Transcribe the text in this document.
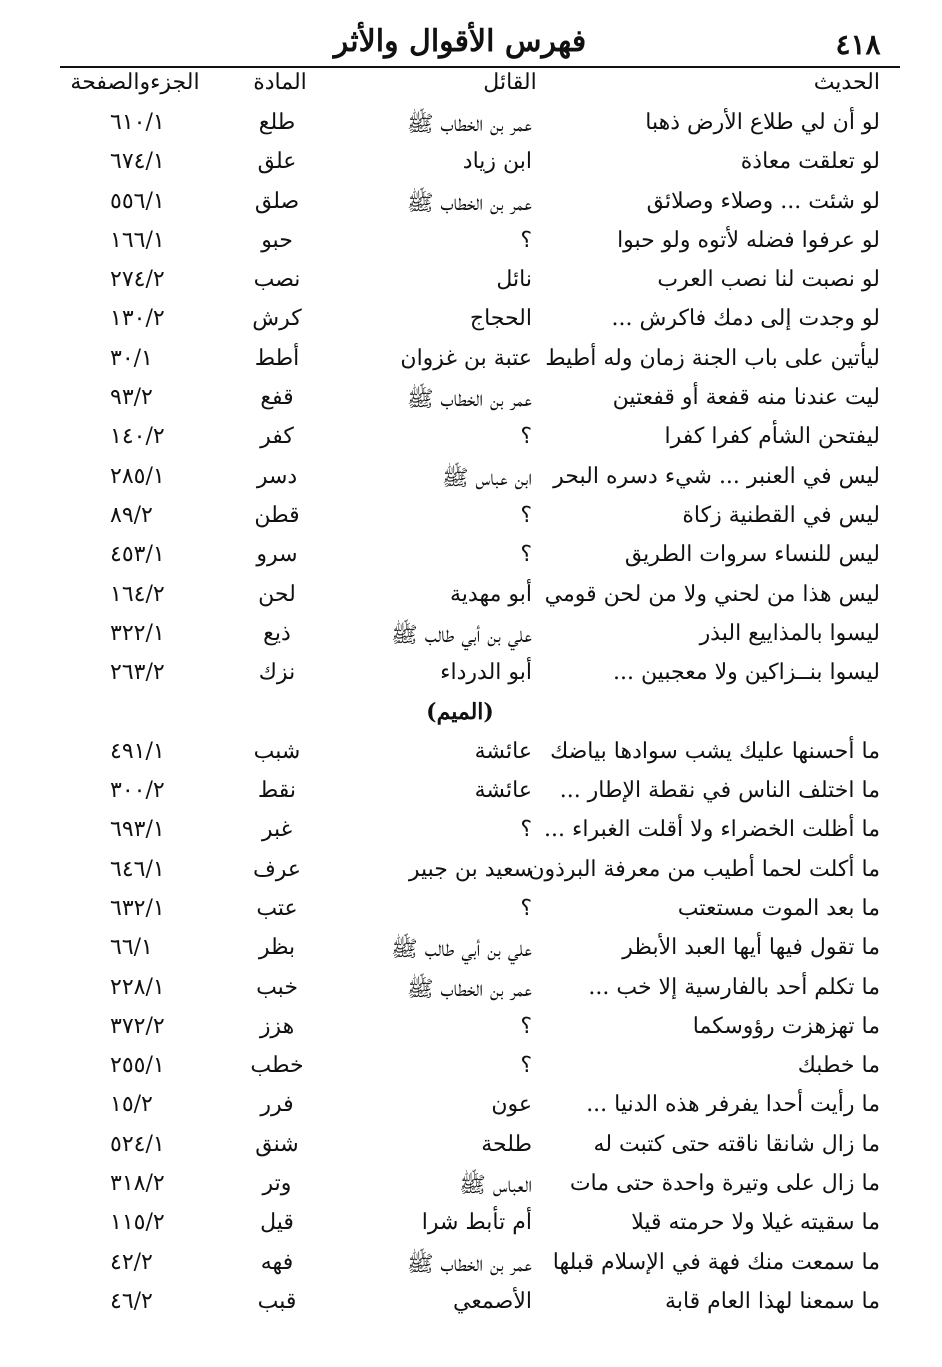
٤١٨
فهرس الأقوال والأثر
الحديث
القائل
المادة
الجزءوالصفحة
لو أن لي طلاع الأرض ذهبا
عمر بن الخطاب ﷺ
طلع
٦١٠/١
لو تعلقت معاذة
ابن زياد
علق
٦٧٤/١
لو شئت ... وصلاء وصلائق
عمر بن الخطاب ﷺ
صلق
٥٥٦/١
لو عرفوا فضله لأتوه ولو حبوا
؟
حبو
١٦٦/١
لو نصبت لنا نصب العرب
نائل
نصب
٢٧٤/٢
لو وجدت إلى دمك فاكرش ...
الحجاج
كرش
١٣٠/٢
ليأتين على باب الجنة زمان وله أطيط
عتبة بن غزوان
أطط
٣٠/١
ليت عندنا منه قفعة أو قفعتين
عمر بن الخطاب ﷺ
قفع
٩٣/٢
ليفتحن الشأم كفرا كفرا
؟
كفر
١٤٠/٢
ليس في العنبر ... شيء دسره البحر
ابن عباس ﷺ
دسر
٢٨٥/١
ليس في القطنية زكاة
؟
قطن
٨٩/٢
ليس للنساء سروات الطريق
؟
سرو
٤٥٣/١
ليس هذا من لحني ولا من لحن قومي
أبو مهدية
لحن
١٦٤/٢
ليسوا بالمذاييع البذر
علي بن أبي طالب ﷺ
ذيع
٣٢٢/١
ليسوا بنــزاكين ولا معجبين ...
أبو الدرداء
نزك
٢٦٣/٢
(الميم)
ما أحسنها عليك يشب سوادها بياضك
عائشة
شبب
٤٩١/١
ما اختلف الناس في نقطة الإطار ...
عائشة
نقط
٣٠٠/٢
ما أظلت الخضراء ولا أقلت الغبراء ...
؟
غبر
٦٩٣/١
ما أكلت لحما أطيب من معرفة البرذون
سعيد بن جبير
عرف
٦٤٦/١
ما بعد الموت مستعتب
؟
عتب
٦٣٢/١
ما تقول فيها أيها العبد الأبظر
علي بن أبي طالب ﷺ
بظر
٦٦/١
ما تكلم أحد بالفارسية إلا خب ...
عمر بن الخطاب ﷺ
خبب
٢٢٨/١
ما تهزهزت رؤوسكما
؟
هزز
٣٧٢/٢
ما خطبك
؟
خطب
٢٥٥/١
ما رأيت أحدا يفرفر هذه الدنيا ...
عون
فرر
١٥/٢
ما زال شانقا ناقته حتى كتبت له
طلحة
شنق
٥٢٤/١
ما زال على وتيرة واحدة حتى مات
العباس ﷺ
وتر
٣١٨/٢
ما سقيته غيلا ولا حرمته قيلا
أم تأبط شرا
قيل
١١٥/٢
ما سمعت منك فهة في الإسلام قبلها
عمر بن الخطاب ﷺ
فهه
٤٢/٢
ما سمعنا لهذا العام قابة
الأصمعي
قبب
٤٦/٢
